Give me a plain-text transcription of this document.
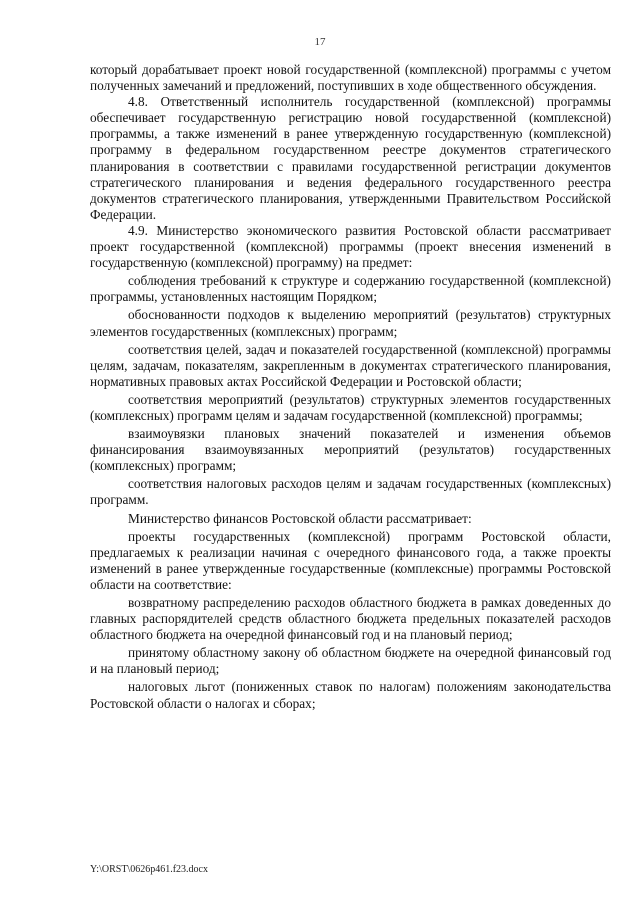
17

который дорабатывает проект новой государственной (комплексной) программы с учетом полученных замечаний и предложений, поступивших в ходе общественного обсуждения.

4.8. Ответственный исполнитель государственной (комплексной) программы обеспечивает государственную регистрацию новой государственной (комплексной) программы, а также изменений в ранее утвержденную государственную (комплексной) программу в федеральном государственном реестре документов стратегического планирования в соответствии с правилами государственной регистрации документов стратегического планирования и ведения федерального государственного реестра документов стратегического планирования, утвержденными Правительством Российской Федерации.

4.9. Министерство экономического развития Ростовской области рассматривает проект государственной (комплексной) программы (проект внесения изменений в государственную (комплексной) программу) на предмет:

соблюдения требований к структуре и содержанию государственной (комплексной) программы, установленных настоящим Порядком;

обоснованности подходов к выделению мероприятий (результатов) структурных элементов государственных (комплексных) программ;

соответствия целей, задач и показателей государственной (комплексной) программы целям, задачам, показателям, закрепленным в документах стратегического планирования, нормативных правовых актах Российской Федерации и Ростовской области;

соответствия мероприятий (результатов) структурных элементов государственных (комплексных) программ целям и задачам государственной (комплексной) программы;

взаимоувязки плановых значений показателей и изменения объемов финансирования взаимоувязанных мероприятий (результатов) государственных (комплексных) программ;

соответствия налоговых расходов целям и задачам государственных (комплексных) программ.

Министерство финансов Ростовской области рассматривает:

проекты государственных (комплексной) программ Ростовской области, предлагаемых к реализации начиная с очередного финансового года, а также проекты изменений в ранее утвержденные государственные (комплексные) программы Ростовской области на соответствие:

возвратному распределению расходов областного бюджета в рамках доведенных до главных распорядителей средств областного бюджета предельных показателей расходов областного бюджета на очередной финансовый год и на плановый период;

принятому областному закону об областном бюджете на очередной финансовый год и на плановый период;

налоговых льгот (пониженных ставок по налогам) положениям законодательства Ростовской области о налогах и сборах;

Y:\ORST\0626p461.f23.docx
